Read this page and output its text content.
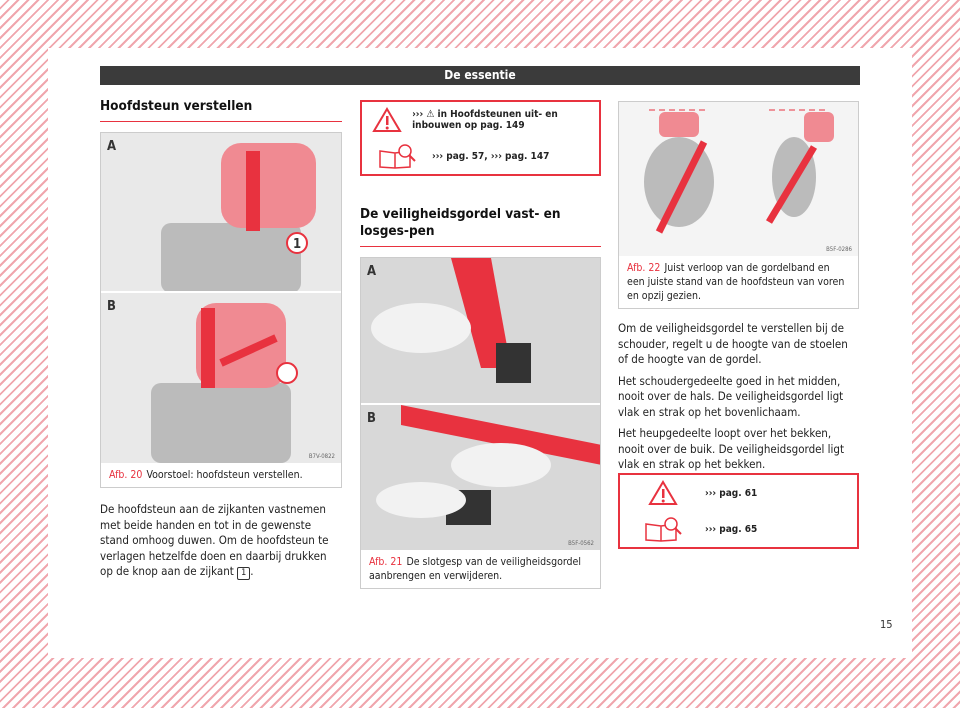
De essentie
Hoofdsteun verstellen
A
1
B
B7V-0822
Afb. 20 Voorstoel: hoofdsteun verstellen.

De hoofdsteun aan de zijkanten vastnemen met beide handen en tot in de gewenste stand omhoog duwen. Om de hoofdsteun te verlagen hetzelfde doen en daarbij drukken op de knop aan de zijkant 1 .

››› ⚠ in Hoofdsteunen uit- en inbouwen op pag. 149
››› pag. 57, ››› pag. 147
De veiligheidsgordel vast- en losges-pen
A
B
B5F-0562
Afb. 21 De slotgesp van de veiligheidsgordel aanbrengen en verwijderen.
B5F-0286
Afb. 22 Juist verloop van de gordelband en een juiste stand van de hoofdsteun van voren en opzij gezien.

Om de veiligheidsgordel te verstellen bij de schouder, regelt u de hoogte van de stoelen of de hoogte van de gordel.

Het schoudergedeelte goed in het midden, nooit over de hals. De veiligheidsgordel ligt vlak en strak op het bovenlichaam.

Het heupgedeelte loopt over het bekken, nooit over de buik. De veiligheidsgordel ligt vlak en strak op het bekken.

››› pag. 61
››› pag. 65
15
